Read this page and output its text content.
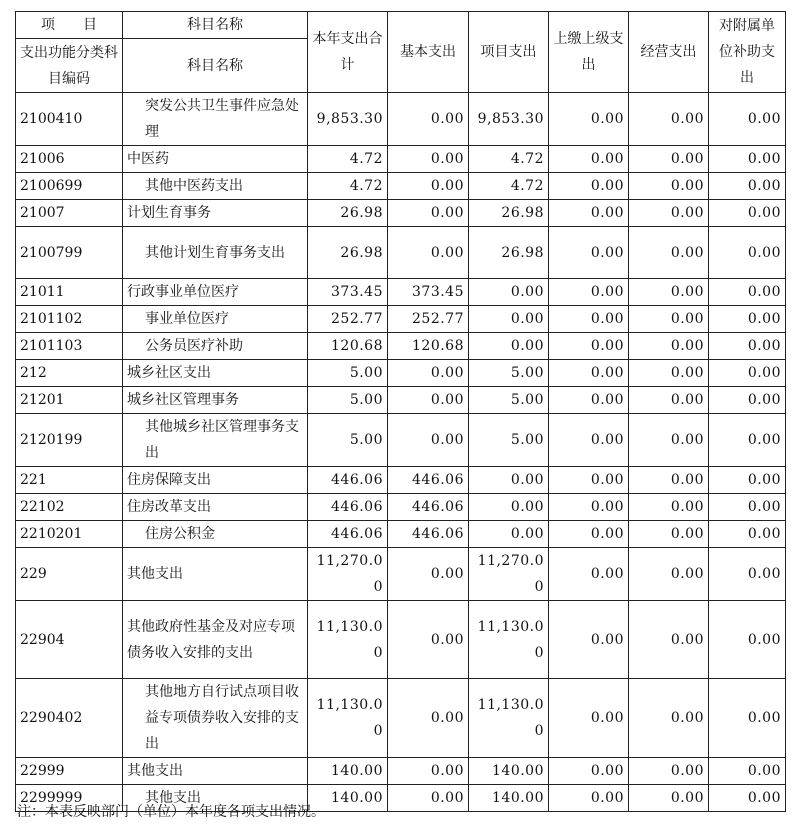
项　　目	科目名称	本年支出合计	基本支出	项目支出	上缴上级支出	经营支出	对附属单位补助支出
支出功能分类科目编码	科目名称						
2100410	突发公共卫生事件应急处理	9,853.30	0.00	9,853.30	0.00	0.00	0.00
21006	中医药	4.72	0.00	4.72	0.00	0.00	0.00
2100699	其他中医药支出	4.72	0.00	4.72	0.00	0.00	0.00
21007	计划生育事务	26.98	0.00	26.98	0.00	0.00	0.00
2100799	其他计划生育事务支出	26.98	0.00	26.98	0.00	0.00	0.00
21011	行政事业单位医疗	373.45	373.45	0.00	0.00	0.00	0.00
2101102	事业单位医疗	252.77	252.77	0.00	0.00	0.00	0.00
2101103	公务员医疗补助	120.68	120.68	0.00	0.00	0.00	0.00
212	城乡社区支出	5.00	0.00	5.00	0.00	0.00	0.00
21201	城乡社区管理事务	5.00	0.00	5.00	0.00	0.00	0.00
2120199	其他城乡社区管理事务支出	5.00	0.00	5.00	0.00	0.00	0.00
221	住房保障支出	446.06	446.06	0.00	0.00	0.00	0.00
22102	住房改革支出	446.06	446.06	0.00	0.00	0.00	0.00
2210201	住房公积金	446.06	446.06	0.00	0.00	0.00	0.00
229	其他支出	11,270.00	0.00	11,270.00	0.00	0.00	0.00
22904	其他政府性基金及对应专项债务收入安排的支出	11,130.00	0.00	11,130.00	0.00	0.00	0.00
2290402	其他地方自行试点项目收益专项债券收入安排的支出	11,130.00	0.00	11,130.00	0.00	0.00	0.00
22999	其他支出	140.00	0.00	140.00	0.00	0.00	0.00
2299999	其他支出	140.00	0.00	140.00	0.00	0.00	0.00
注：本表反映部门（单位）本年度各项支出情况。
